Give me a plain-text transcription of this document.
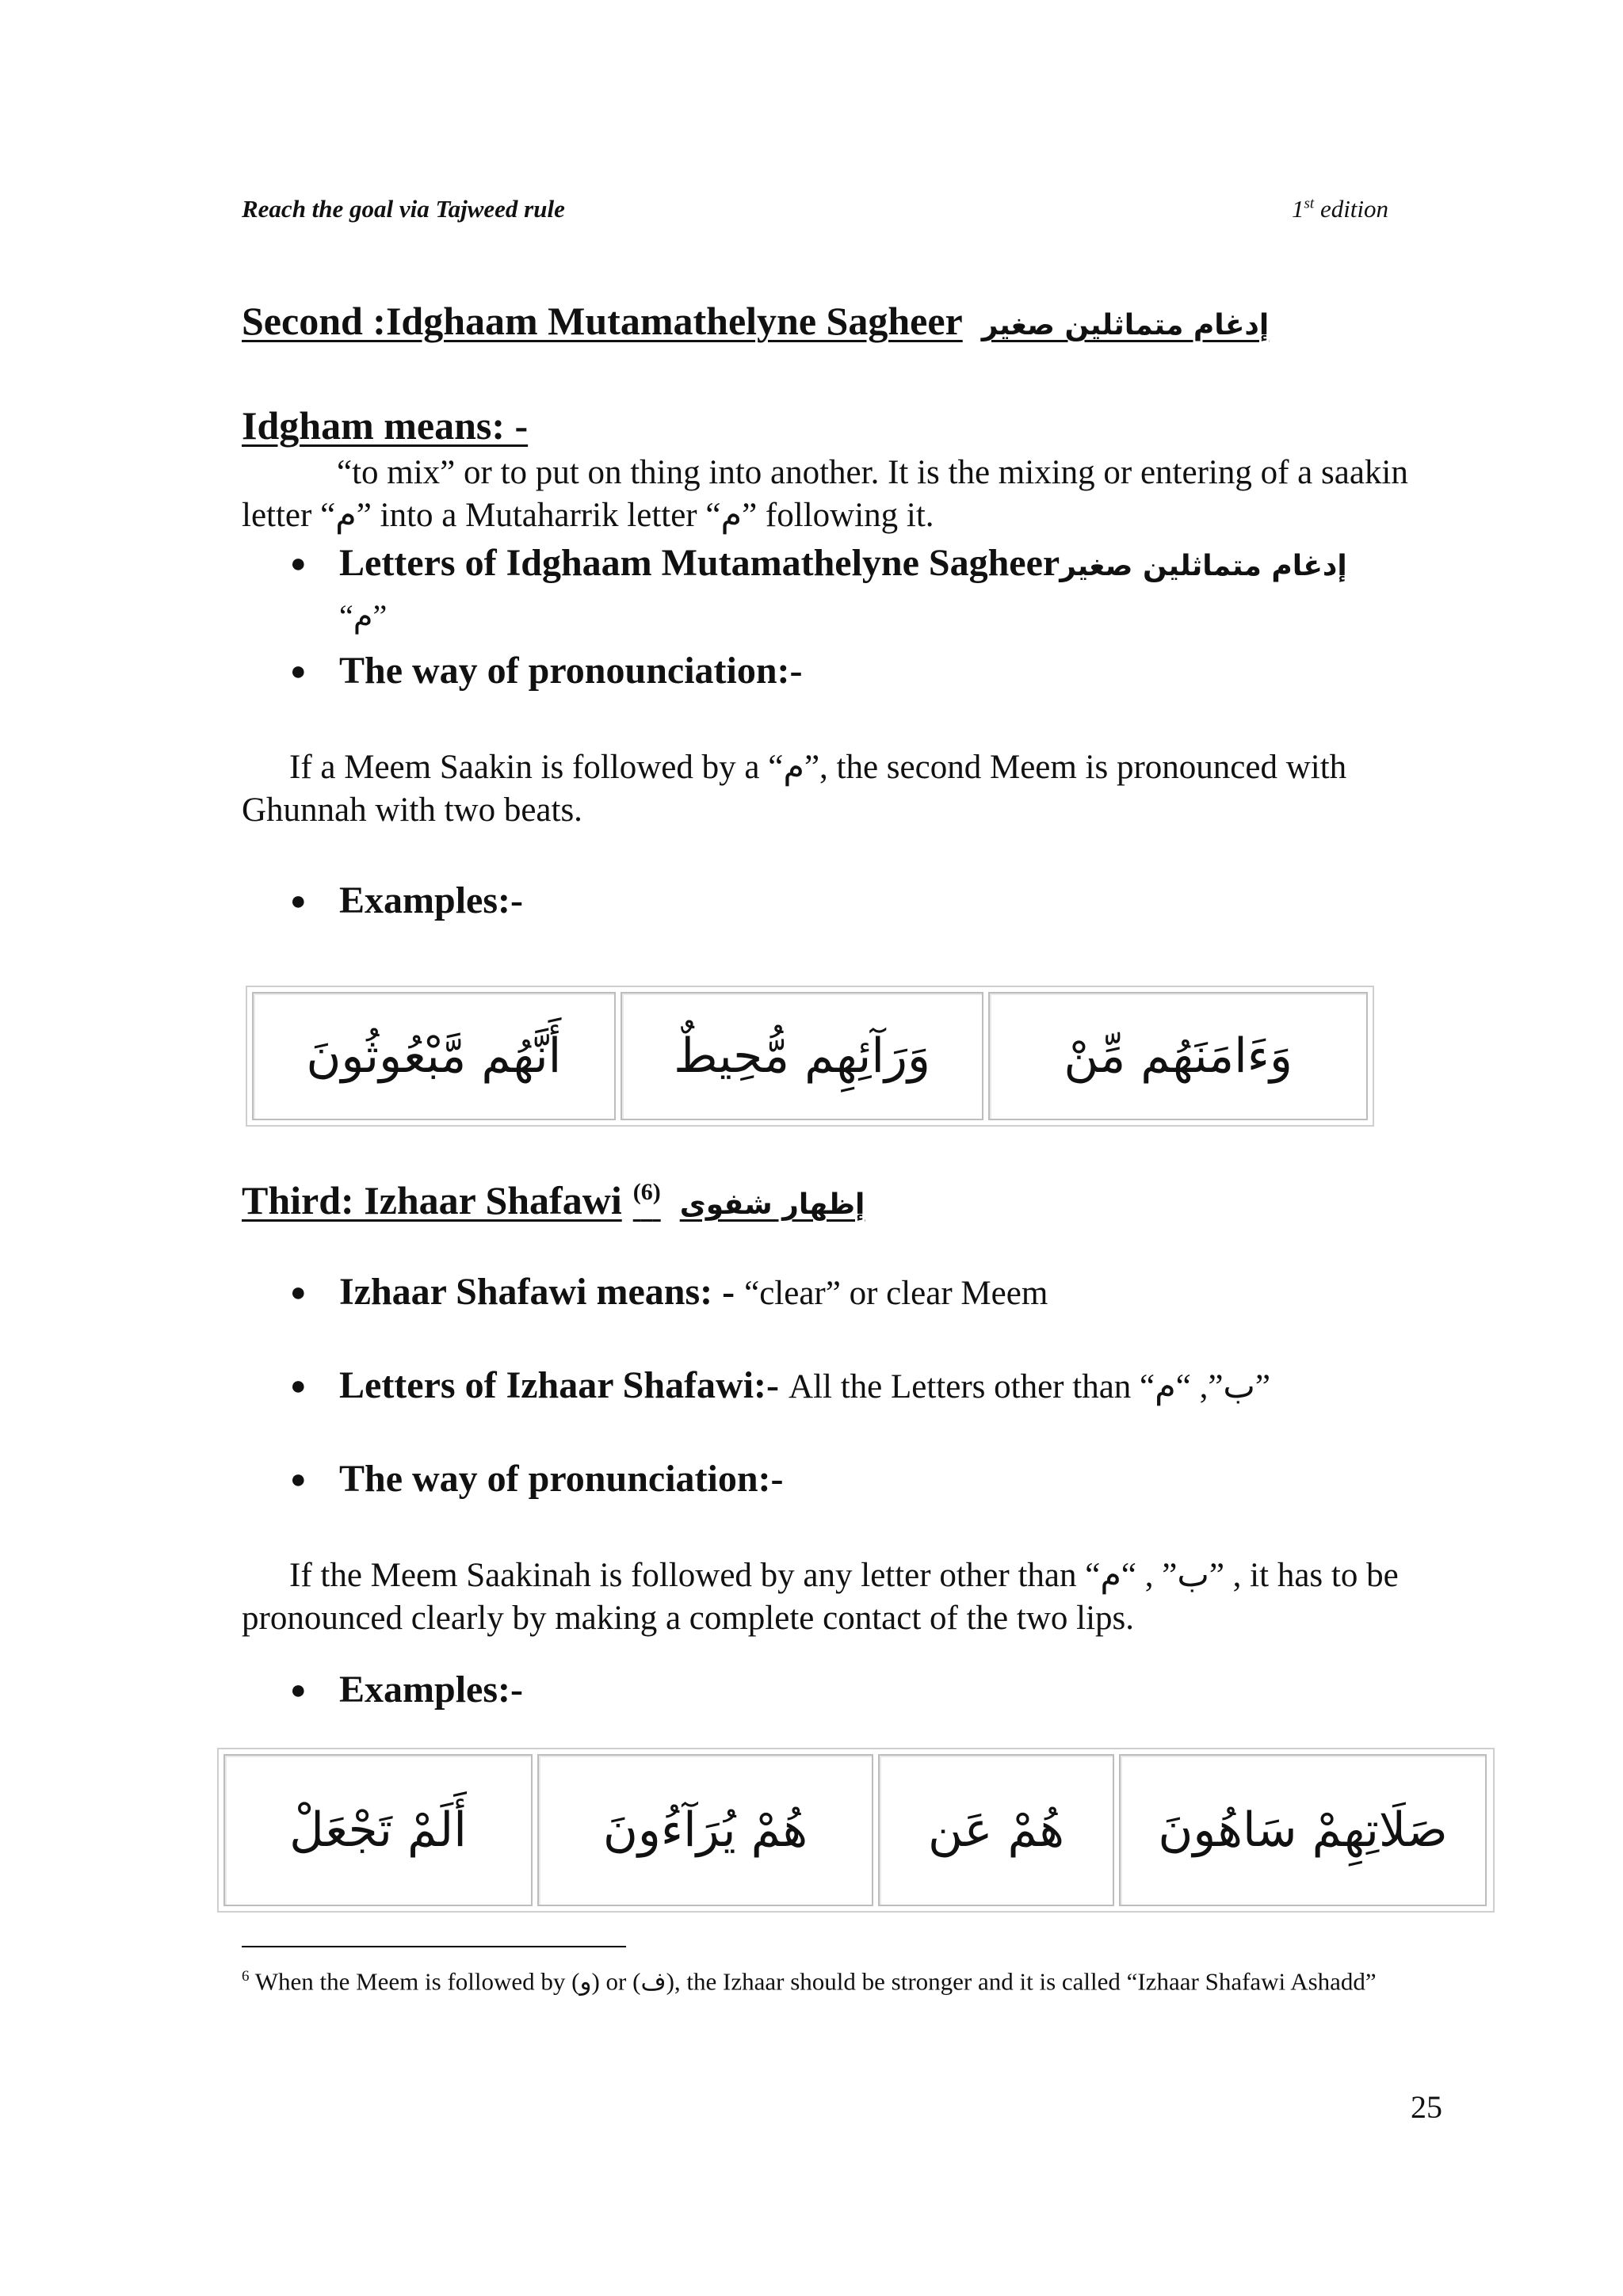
Reach the goal via Tajweed rule	1st edition
Second :Idghaam Mutamathelyne Sagheer إدغام متماثلين صغير
Idgham means: -
“to mix” or to put on thing into another. It is the mixing or entering of a saakin letter “م” into a Mutaharrik letter “م” following it.
● Letters of Idghaam Mutamathelyne Sagheerإدغام متماثلين صغير
“م”
● The way of pronounciation:-
If a Meem Saakin is followed by a “م”, the second Meem is pronounced with Ghunnah with two beats.
● Examples:-
أَنَّهُم مَّبْعُوثُونَ	وَرَآئِهِم مُّحِيطٌ	وَءَامَنَهُم مِّنْ
Third: Izhaar Shafawi إظهار شفوى$^{(6)}$
● Izhaar Shafawi means: - “clear” or clear Meem
● Letters of Izhaar Shafawi:- All the Letters other than “ب”, “م”
● The way of pronunciation:-
If the Meem Saakinah is followed by any letter other than “ب” , “م” , it has to be pronounced clearly by making a complete contact of the two lips.
● Examples:-
أَلَمْ تَجْعَلْ	هُمْ يُرَآءُونَ	هُمْ عَن	صَلَاتِهِمْ سَاهُونَ
$^6$ When the Meem is followed by (و) or (ف), the Izhaar should be stronger and it is called “Izhaar Shafawi Ashadd”
25
